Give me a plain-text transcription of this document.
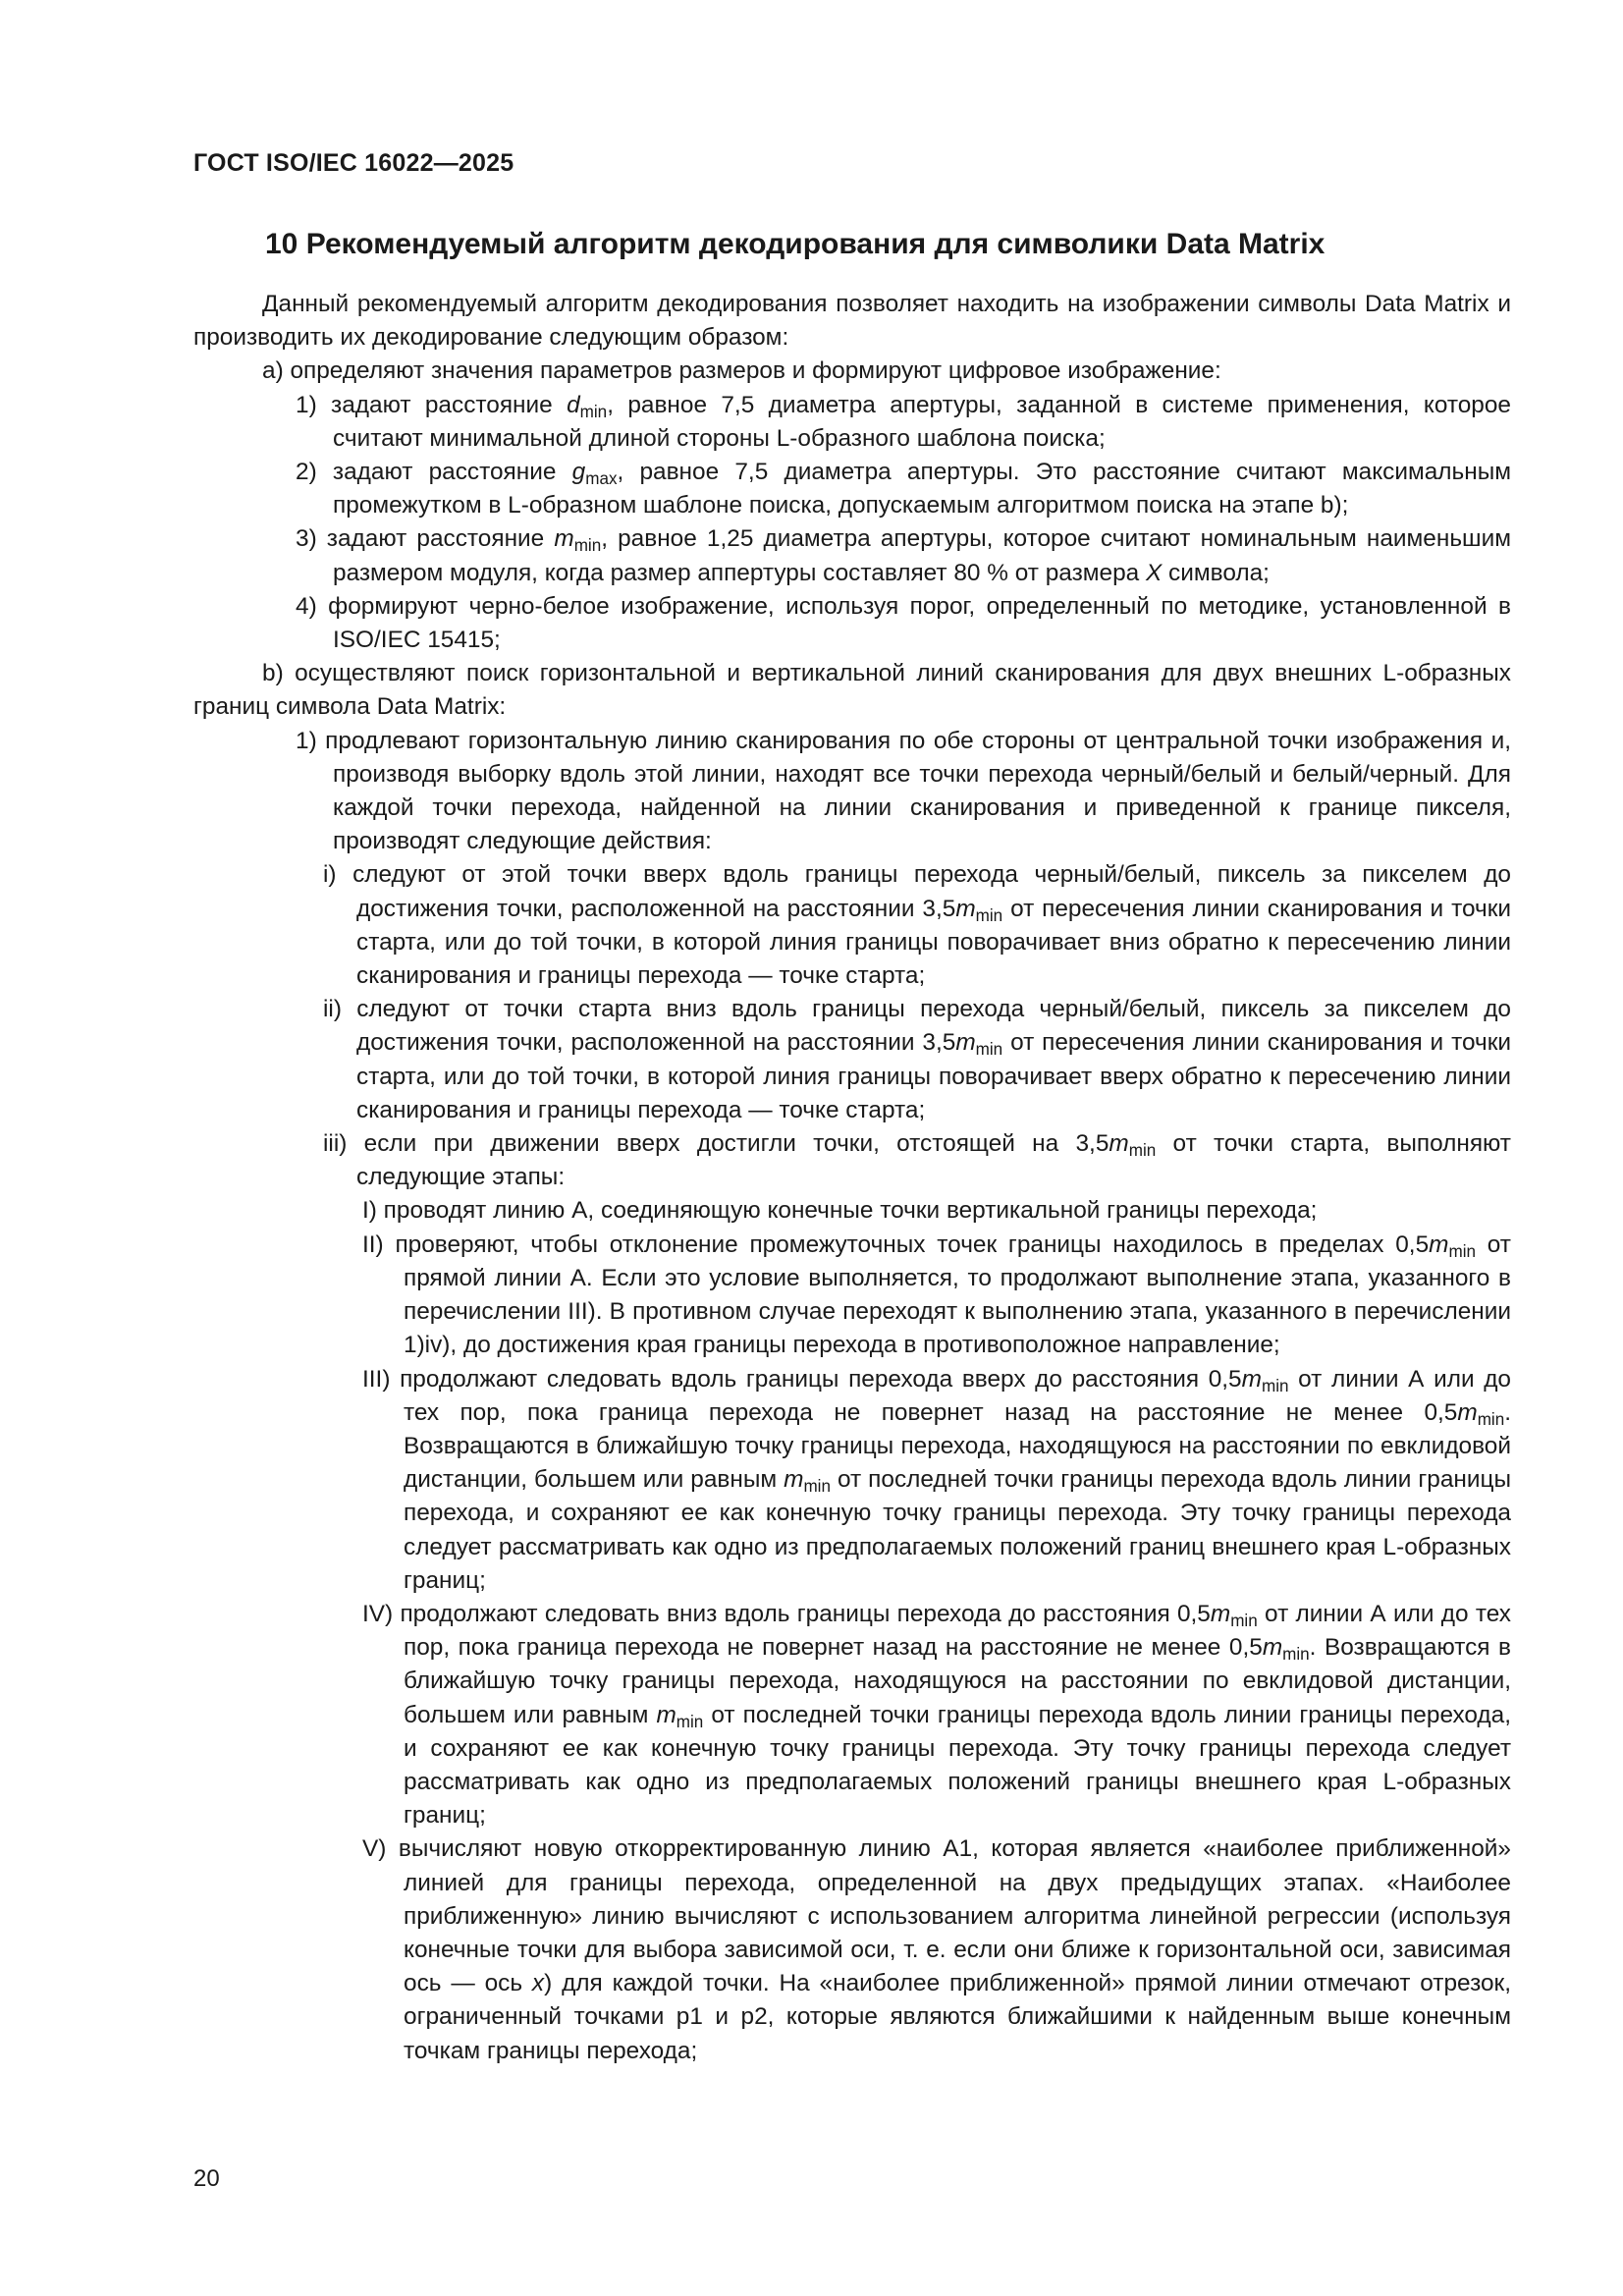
ГОСТ ISO/IEC 16022—2025
10 Рекомендуемый алгоритм декодирования для символики Data Matrix

Данный рекомендуемый алгоритм декодирования позволяет находить на изображении символы Data Matrix и производить их декодирование следующим образом:

а) определяют значения параметров размеров и формируют цифровое изображение:

1) задают расстояние $d_{min}$, равное 7,5 диаметра апертуры, заданной в системе применения, которое считают минимальной длиной стороны L-образного шаблона поиска;

2) задают расстояние $g_{max}$, равное 7,5 диаметра апертуры. Это расстояние считают максимальным промежутком в L-образном шаблоне поиска, допускаемым алгоритмом поиска на этапе b);

3) задают расстояние $m_{min}$, равное 1,25 диаметра апертуры, которое считают номинальным наименьшим размером модуля, когда размер аппертуры составляет 80 % от размера X символа;

4) формируют черно-белое изображение, используя порог, определенный по методике, установленной в ISO/IEC 15415;

b) осуществляют поиск горизонтальной и вертикальной линий сканирования для двух внешних L-образных границ символа Data Matrix:

1) продлевают горизонтальную линию сканирования по обе стороны от центральной точки изображения и, производя выборку вдоль этой линии, находят все точки перехода черный/белый и белый/черный. Для каждой точки перехода, найденной на линии сканирования и приведенной к границе пикселя, производят следующие действия:

i) следуют от этой точки вверх вдоль границы перехода черный/белый, пиксель за пикселем до достижения точки, расположенной на расстоянии $3,5m_{min}$ от пересечения линии сканирования и точки старта, или до той точки, в которой линия границы поворачивает вниз обратно к пересечению линии сканирования и границы перехода — точке старта;

ii) следуют от точки старта вниз вдоль границы перехода черный/белый, пиксель за пикселем до достижения точки, расположенной на расстоянии $3,5m_{min}$ от пересечения линии сканирования и точки старта, или до той точки, в которой линия границы поворачивает вверх обратно к пересечению линии сканирования и границы перехода — точке старта;

iii) если при движении вверх достигли точки, отстоящей на $3,5m_{min}$ от точки старта, выполняют следующие этапы:

I) проводят линию А, соединяющую конечные точки вертикальной границы перехода;

II) проверяют, чтобы отклонение промежуточных точек границы находилось в пределах $0,5m_{min}$ от прямой линии А. Если это условие выполняется, то продолжают выполнение этапа, указанного в перечислении III). В противном случае переходят к выполнению этапа, указанного в перечислении 1)iv), до достижения края границы перехода в противоположное направление;

III) продолжают следовать вдоль границы перехода вверх до расстояния $0,5m_{min}$ от линии А или до тех пор, пока граница перехода не повернет назад на расстояние не менее $0,5m_{min}$. Возвращаются в ближайшую точку границы перехода, находящуюся на расстоянии по евклидовой дистанции, большем или равным $m_{min}$ от последней точки границы перехода вдоль линии границы перехода, и сохраняют ее как конечную точку границы перехода. Эту точку границы перехода следует рассматривать как одно из предполагаемых положений границ внешнего края L-образных границ;

IV) продолжают следовать вниз вдоль границы перехода до расстояния $0,5m_{min}$ от линии А или до тех пор, пока граница перехода не повернет назад на расстояние не менее $0,5m_{min}$. Возвращаются в ближайшую точку границы перехода, находящуюся на расстоянии по евклидовой дистанции, большем или равным $m_{min}$ от последней точки границы перехода вдоль линии границы перехода, и сохраняют ее как конечную точку границы перехода. Эту точку границы перехода следует рассматривать как одно из предполагаемых положений границы внешнего края L-образных границ;

V) вычисляют новую откорректированную линию А1, которая является «наиболее приближенной» линией для границы перехода, определенной на двух предыдущих этапах. «Наиболее приближенную» линию вычисляют с использованием алгоритма линейной регрессии (используя конечные точки для выбора зависимой оси, т. е. если они ближе к горизонтальной оси, зависимая ось — ось x) для каждой точки. На «наиболее приближенной» прямой линии отмечают отрезок, ограниченный точками p1 и p2, которые являются ближайшими к найденным выше конечным точкам границы перехода;

20
